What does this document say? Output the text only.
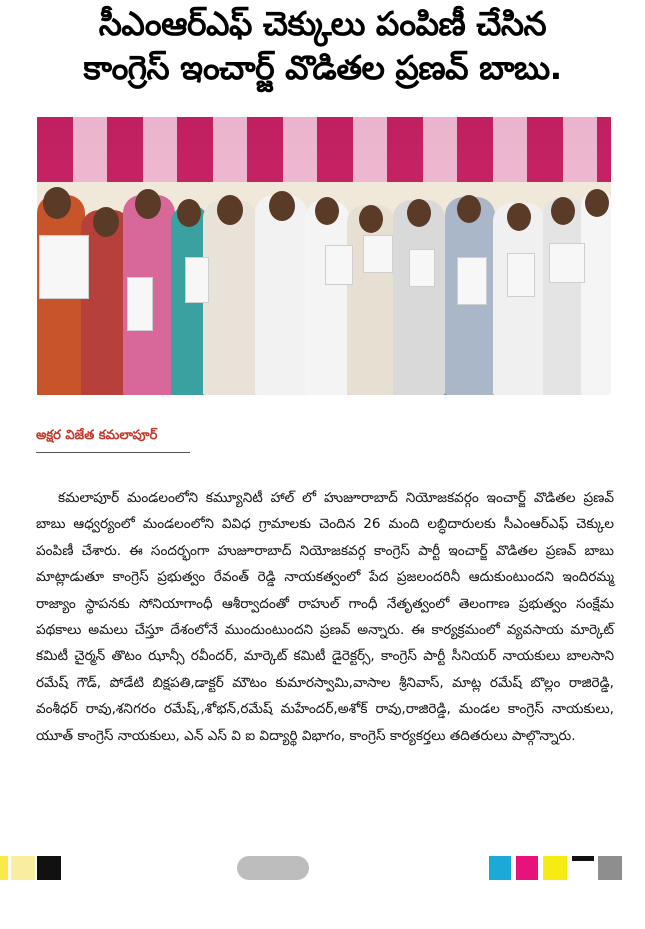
సీఎంఆర్ఎఫ్ చెక్కులు పంపిణీ చేసిన
కాంగ్రెస్ ఇంచార్జ్ వొడితల ప్రణవ్ బాబు.
అక్షర విజేత కమలాపూర్
కమలాపూర్ మండలంలోని కమ్యూనిటీ హాల్ లో హుజూరాబాద్ నియోజకవర్గం ఇంచార్జ్ వొడితల ప్రణవ్ బాబు ఆధ్వర్యంలో మండలంలోని వివిధ గ్రామాలకు చెందిన 26 మంది లబ్ధిదారులకు సీఎంఆర్ఎఫ్ చెక్కుల పంపిణీ చేశారు. ఈ సందర్భంగా హుజూరాబాద్ నియోజకవర్గ కాంగ్రెస్ పార్టీ ఇంచార్జ్ వొడితల ప్రణవ్ బాబు మాట్లాడుతూ కాంగ్రెస్ ప్రభుత్వం రేవంత్ రెడ్డి నాయకత్వంలో పేద ప్రజలందరినీ ఆదుకుంటుందని ఇందిరమ్మ రాజ్యాం స్థాపనకు సోనియాగాంధీ ఆశీర్వాదంతో రాహుల్ గాంధీ నేతృత్వంలో తెలంగాణ ప్రభుత్వం సంక్షేమ పథకాలు అమలు చేస్తూ దేశంలోనే ముందుంటుందని ప్రణవ్ అన్నారు. ఈ కార్యక్రమంలో వ్యవసాయ మార్కెట్ కమిటీ చైర్మన్ తొటం ఝాన్సీ రవీందర్, మార్కెట్ కమిటీ డైరెక్టర్స్, కాంగ్రెస్ పార్టీ సీనియర్ నాయకులు బాలసాని రమేష్ గౌడ్, పోడేటి బిక్షపతి,డాక్టర్ మౌటం కుమారస్వామి,వాసాల శ్రీనివాస్, మాట్ల రమేష్ బొల్లం రాజిరెడ్డి, వంశీధర్ రావు,శనిగరం రమేష్,,శోభన్,రమేష్ మహేందర్,అశోక్ రావు,రాజిరెడ్డి, మండల కాంగ్రెస్ నాయకులు, యూత్ కాంగ్రెస్ నాయకులు, ఎన్ ఎస్ వి ఐ విద్యార్థి విభాగం, కాంగ్రెస్ కార్యకర్తలు తదితరులు పాల్గొన్నారు.
